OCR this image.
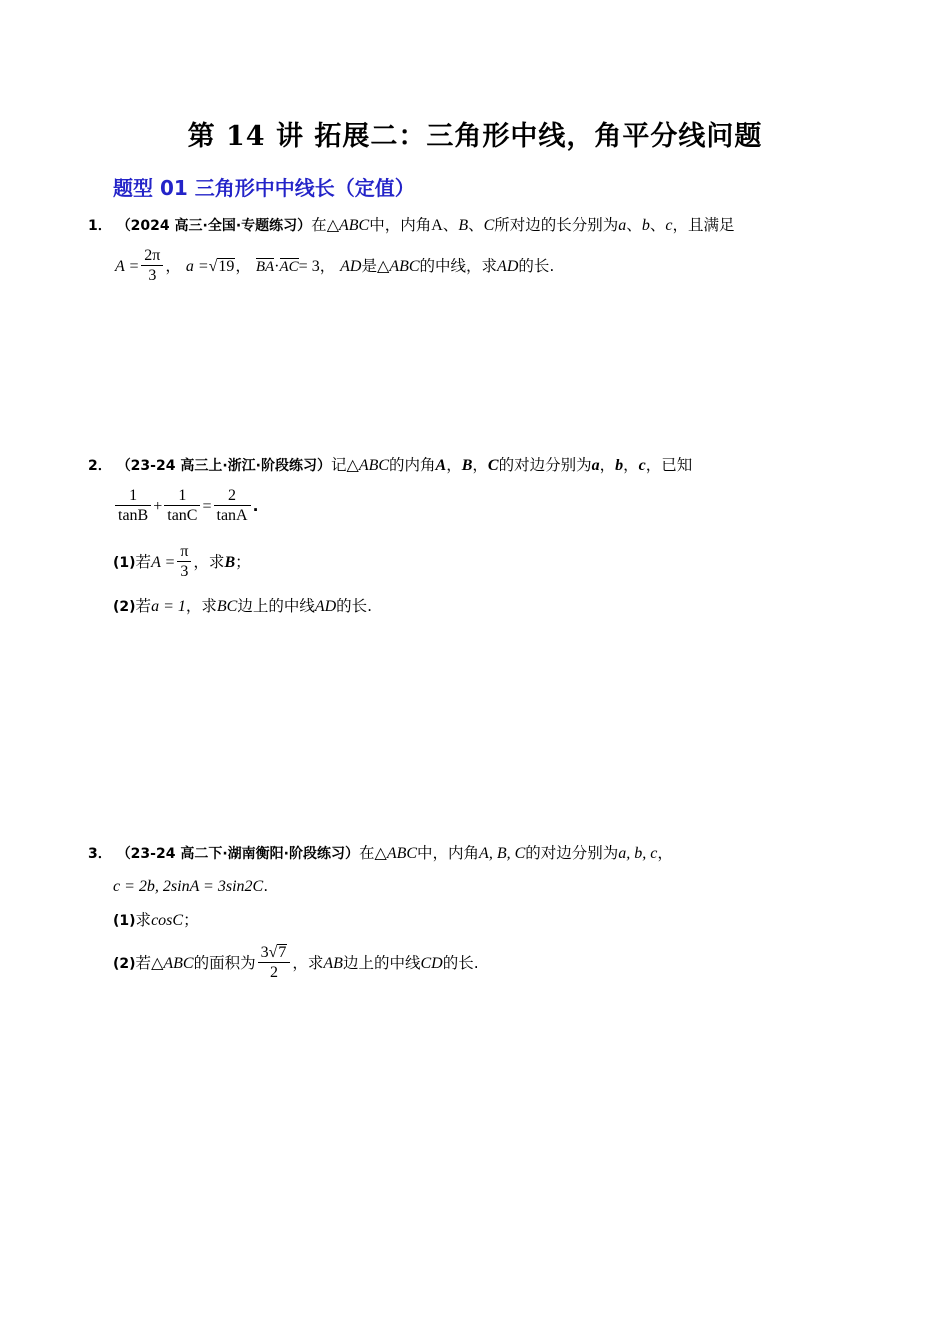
第 14 讲 拓展二：三角形中线，角平分线问题
题型 01 三角形中中线长（定值）
1． （2024 高三·全国·专题练习）在△ABC中，内角A、B、C所对边的长分别为a、b、c，且满足
$A = \frac{2\pi}{3}$ ， a =√19， BA·AC= 3， AD是△ABC的中线，求AD的长.
2． （23-24 高三上·浙江·阶段练习）记△ABC的内角A，B，C的对边分别为a，b，c，已知
$\frac{1}{\tan B} + \frac{1}{\tan C} = \frac{2}{\tan A}$ .
(1)若$A = \frac{\pi}{3}$ ，求B；
(2)若a = 1，求BC边上的中线AD的长.
3． （23-24 高二下·湖南衡阳·阶段练习）在△ABC中，内角A, B, C的对边分别为a, b, c，
c = 2b, 2sinA = 3sin2C.
(1)求cosC；
(2)若△ABC的面积为 $\frac{3√7}{2}$ ，求AB边上的中线CD的长.
